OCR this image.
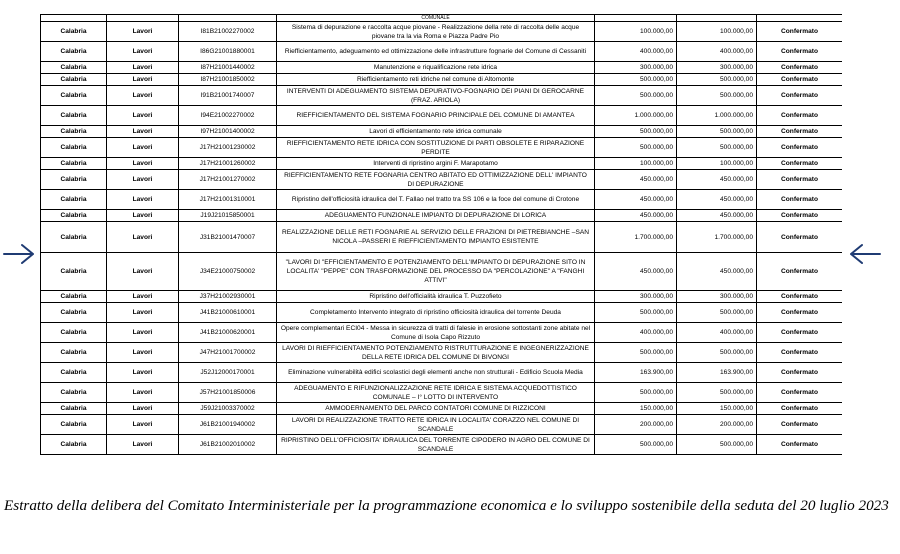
			COMUNALE			
Calabria	Lavori	I81B21002270002	Sistema di depurazione e raccolta acque piovane - Realizzazione della rete di raccolta delle acque piovane tra la via Roma e Piazza Padre Pio	100.000,00	100.000,00	Confermato
Calabria	Lavori	I86G21001880001	Riefficientamento, adeguamento ed ottimizzazione delle infrastrutture fognarie del Comune di Cessaniti	400.000,00	400.000,00	Confermato
Calabria	Lavori	I87H21001440002	Manutenzione e riqualificazione rete idrica	300.000,00	300.000,00	Confermato
Calabria	Lavori	I87H21001850002	Riefficientamento reti idriche nel comune di Altomonte	500.000,00	500.000,00	Confermato
Calabria	Lavori	I91B21001740007	INTERVENTI DI ADEGUAMENTO SISTEMA DEPURATIVO-FOGNARIO DEI PIANI DI GEROCARNE (FRAZ. ARIOLA)	500.000,00	500.000,00	Confermato
Calabria	Lavori	I94E21002270002	RIEFFICIENTAMENTO DEL SISTEMA FOGNARIO PRINCIPALE DEL COMUNE DI AMANTEA	1.000.000,00	1.000.000,00	Confermato
Calabria	Lavori	I97H21001400002	Lavori di efficientamento rete idrica comunale	500.000,00	500.000,00	Confermato
Calabria	Lavori	J17H21001230002	RIEFFICIENTAMENTO RETE IDRICA CON SOSTITUZIONE DI PARTI OBSOLETE E RIPARAZIONE PERDITE	500.000,00	500.000,00	Confermato
Calabria	Lavori	J17H21001260002	Interventi di ripristino argini F. Marapotamo	100.000,00	100.000,00	Confermato
Calabria	Lavori	J17H21001270002	RIEFFICIENTAMENTO RETE FOGNARIA CENTRO ABITATO ED OTTIMIZZAZIONE DELL' IMPIANTO DI DEPURAZIONE	450.000,00	450.000,00	Confermato
Calabria	Lavori	J17H21001310001	Ripristino dell'officiosità idraulica del T. Fallao nel tratto tra SS 106 e la foce del comune di Crotone	450.000,00	450.000,00	Confermato
Calabria	Lavori	J19J21015850001	ADEGUAMENTO FUNZIONALE IMPIANTO DI DEPURAZIONE DI LORICA	450.000,00	450.000,00	Confermato
Calabria	Lavori	J31B21001470007	REALIZZAZIONE DELLE RETI FOGNARIE AL SERVIZIO DELLE FRAZIONI DI PIETREBIANCHE –SAN NICOLA –PASSERI E RIEFFICIENTAMENTO IMPIANTO ESISTENTE	1.700.000,00	1.700.000,00	Confermato
Calabria	Lavori	J34E21000750002	"LAVORI DI "EFFICIENTAMENTO E POTENZIAMENTO DELL'IMPIANTO DI DEPURAZIONE SITO IN LOCALITA' "PEPPE" CON TRASFORMAZIONE DEL PROCESSO DA "PERCOLAZIONE" A "FANGHI ATTIVI"	450.000,00	450.000,00	Confermato
Calabria	Lavori	J37H21002930001	Ripristino dell'officialità idraulica T. Puzzofieto	300.000,00	300.000,00	Confermato
Calabria	Lavori	J41B21000610001	Completamento Intervento integrato di ripristino officiosità idraulica del torrente Deuda	500.000,00	500.000,00	Confermato
Calabria	Lavori	J41B21000620001	Opere complementari ECI04 - Messa in sicurezza di tratti di falesie in erosione sottostanti zone abitate nel Comune di Isola Capo Rizzuto	400.000,00	400.000,00	Confermato
Calabria	Lavori	J47H21001700002	LAVORI DI RIEFFICIENTAMENTO POTENZIAMENTO RISTRUTTURAZIONE E INGEGNERIZZAZIONE DELLA RETE IDRICA DEL COMUNE DI BIVONGI	500.000,00	500.000,00	Confermato
Calabria	Lavori	J52J12000170001	Eliminazione vulnerabilità edifici scolastici degli elementi anche non strutturali - Edificio Scuola Media	163.900,00	163.900,00	Confermato
Calabria	Lavori	J57H21001850006	ADEGUAMENTO E RIFUNZIONALIZZAZIONE RETE IDRICA E SISTEMA ACQUEDOTTISTICO COMUNALE – I° LOTTO DI INTERVENTO	500.000,00	500.000,00	Confermato
Calabria	Lavori	J59J21003370002	AMMODERNAMENTO DEL PARCO CONTATORI COMUNE DI RIZZICONI	150.000,00	150.000,00	Confermato
Calabria	Lavori	J61B21001940002	LAVORI DI REALIZZAZIONE TRATTO RETE IDRICA IN LOCALITA' CORAZZO NEL COMUNE DI SCANDALE	200.000,00	200.000,00	Confermato
Calabria	Lavori	J61B21002010002	RIPRISTINO DELL'OFFICIOSITA' IDRAULICA DEL TORRENTE CIPODERO IN AGRO DEL COMUNE DI SCANDALE	500.000,00	500.000,00	Confermato
Estratto della delibera del Comitato Interministeriale per la programmazione economica e lo sviluppo sostenibile della seduta del 20 luglio 2023
